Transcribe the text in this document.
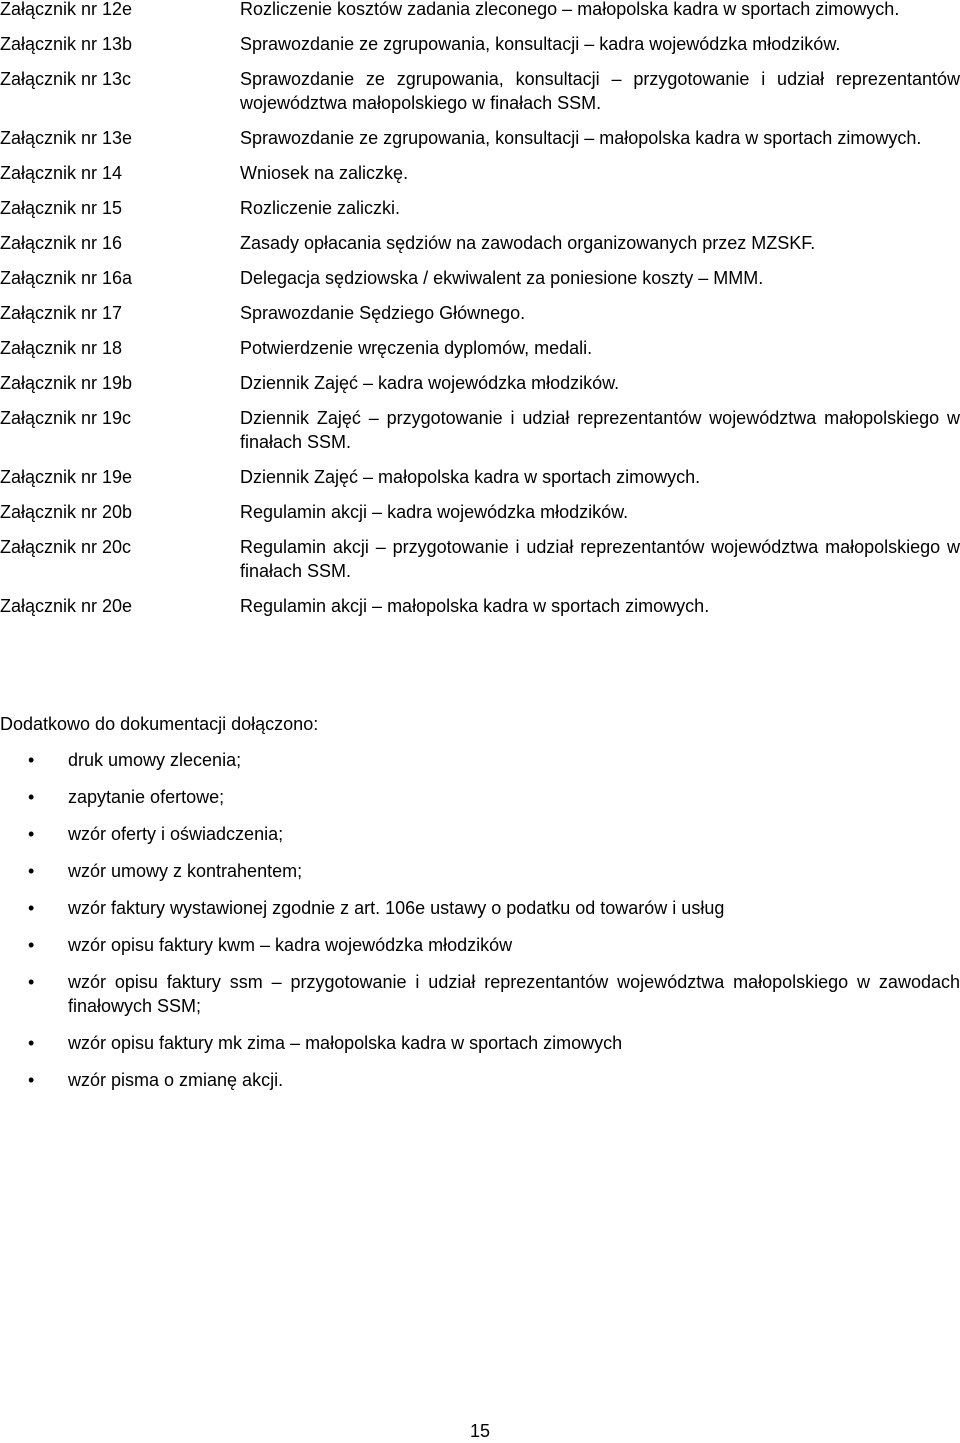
Załącznik nr 12e	Rozliczenie kosztów zadania zleconego – małopolska kadra w sportach zimowych.
Załącznik nr 13b	Sprawozdanie ze zgrupowania, konsultacji – kadra wojewódzka młodzików.
Załącznik nr 13c	Sprawozdanie ze zgrupowania, konsultacji – przygotowanie i udział reprezentantów województwa małopolskiego w finałach SSM.
Załącznik nr 13e	Sprawozdanie ze zgrupowania, konsultacji – małopolska kadra w sportach zimowych.
Załącznik nr 14	Wniosek na zaliczkę.
Załącznik nr 15	Rozliczenie zaliczki.
Załącznik nr 16	Zasady opłacania sędziów na zawodach organizowanych przez MZSKF.
Załącznik nr 16a	Delegacja sędziowska / ekwiwalent za poniesione koszty – MMM.
Załącznik nr 17	Sprawozdanie Sędziego Głównego.
Załącznik nr 18	Potwierdzenie wręczenia dyplomów, medali.
Załącznik nr 19b	Dziennik Zajęć – kadra wojewódzka młodzików.
Załącznik nr 19c	Dziennik Zajęć – przygotowanie i udział reprezentantów województwa małopolskiego w finałach SSM.
Załącznik nr 19e	Dziennik Zajęć – małopolska kadra w sportach zimowych.
Załącznik nr 20b	Regulamin akcji – kadra wojewódzka młodzików.
Załącznik nr 20c	Regulamin akcji – przygotowanie i udział reprezentantów województwa małopolskiego w finałach SSM.
Załącznik nr 20e	Regulamin akcji – małopolska kadra w sportach zimowych.
Dodatkowo do dokumentacji dołączono:
• druk umowy zlecenia;
• zapytanie ofertowe;
• wzór oferty i oświadczenia;
• wzór umowy z kontrahentem;
• wzór faktury wystawionej zgodnie z art. 106e ustawy o podatku od towarów i usług
• wzór opisu faktury kwm – kadra wojewódzka młodzików
• wzór opisu faktury ssm – przygotowanie i udział reprezentantów województwa małopolskiego w zawodach finałowych SSM;
• wzór opisu faktury mk zima – małopolska kadra w sportach zimowych
• wzór pisma o zmianę akcji.
15
